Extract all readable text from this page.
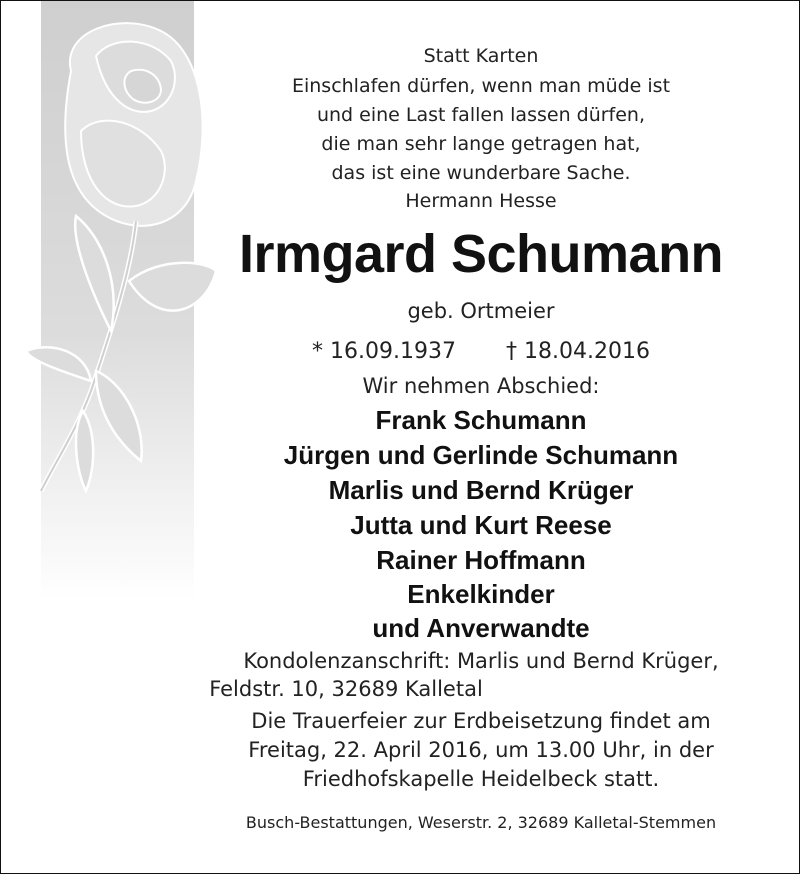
Statt Karten
Einschlafen dürfen, wenn man müde ist
und eine Last fallen lassen dürfen,
die man sehr lange getragen hat,
das ist eine wunderbare Sache.
Hermann Hesse
Irmgard Schumann
geb. Ortmeier
* 16.09.1937 † 18.04.2016
Wir nehmen Abschied:
Frank Schumann
Jürgen und Gerlinde Schumann
Marlis und Bernd Krüger
Jutta und Kurt Reese
Rainer Hoffmann
Enkelkinder
und Anverwandte
Kondolenzanschrift: Marlis und Bernd Krüger,
Feldstr. 10, 32689 Kalletal
Die Trauerfeier zur Erdbeisetzung findet am
Freitag, 22. April 2016, um 13.00 Uhr, in der
Friedhofskapelle Heidelbeck statt.
Busch-Bestattungen, Weserstr. 2, 32689 Kalletal-Stemmen
